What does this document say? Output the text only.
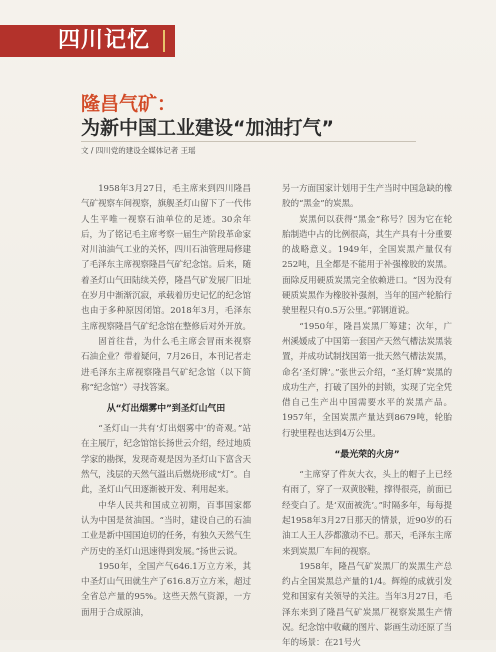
四川记忆
隆昌气矿：
为新中国工业建设“加油打气”
文 / 四川党的建设全媒体记者 王瑶

1958年3月27日，毛主席来到四川隆昌气矿视察车间视察，旗舰圣灯山留下了一代伟人生平唯一视察石油单位的足迹。30余年后，为了铭记毛主席考察一届生产阶段革命家对川油油气工业的关怀，四川石油管理局修建了毛泽东主席视察隆昌气矿纪念馆。后来，随着圣灯山气田陆续关停，隆昌气矿发展厂旧址在岁月中渐渐沉寂，承载着历史记忆的纪念馆也由于多种原因闭馆。2018年3月，毛泽东主席视察隆昌气矿纪念馆在整修后对外开放。

固首往昔，为什么毛主席会冒雨来视察石油企业？带着疑问，7月26日，本刊记者走进毛泽东主席视察隆昌气矿纪念馆（以下简称“纪念馆”）寻找答案。

从“灯出烟雾中”到圣灯山气田

“圣灯山一共有‘灯出烟雾中’的奇观。”站在主展厅，纪念馆馆长扬世云介绍，经过地质学家的勘探，发现奇观是因为圣灯山下富含天然气，浅层的天然气溢出后燃烧形成“灯”。自此，圣灯山气田逐渐被开发、利用起来。

中华人民共和国成立初期，百事国家都认为中国是贫油国。“当时，建设自己的石油工业是新中国国迫切的任务，有独久天然气生产历史的圣灯山迅速得到发展。”扬世云说。

1950年，全国产气646.1万立方米，其中圣灯山气田就生产了616.8万立方米，超过全省总产量的95%。这些天然气资源，一方面用于合成原油，

另一方面国家计划用于生产当时中国急缺的橡胶的“黑金”的炭黑。

炭黑何以获得“黑金”称号？因为它在轮胎制造中占的比例很高，其生产具有十分重要的战略意义。1949年，全国炭黑产量仅有252吨，且全都是不能用于补强橡胶的炭黑。面除反用硬质炭黑完全依赖进口。“因为没有硬质炭黑作为橡胶补强剂，当年的国产轮胎行驶里程只有0.5万公里。”郭钢道说。

“1950年，隆昌炭黑厂筹建；次年，广州溪媛成了中国第一套国产天然气槽法炭黑装置，并成功试制找国第一批天然气槽法炭黑，命名‘圣灯牌’。”张世云介绍，“圣灯牌”炭黑的成功生产，打破了国外的封锁，实现了完全凭借自己生产出中国需要水平的炭黑产品。1957年，全国炭黑产量达到8679吨，轮胎行驶里程也达到4万公里。

“最光荣的火房”

“主席穿了件灰大衣，头上的帽子上已经有雨了，穿了一双黄胶鞋，撑得很亮，前面已经变白了。是‘双面被洗’。”时隔多年，每每提起1958年3月27日那天的情景，近90岁的石油工人王人莎都激动不已。那天，毛泽东主席来到炭黑厂车间的视察。

1958年，隆昌气矿炭黑厂的炭黑生产总约占全国炭黑总产量的1/4。辉煌的成就引发党和国家有关领导的关注。当年3月27日，毛泽东来到了隆昌气矿炭黑厂视察炭黑生产情况。纪念馆中收藏的图片、影画生动还原了当年的场景：在21号火
